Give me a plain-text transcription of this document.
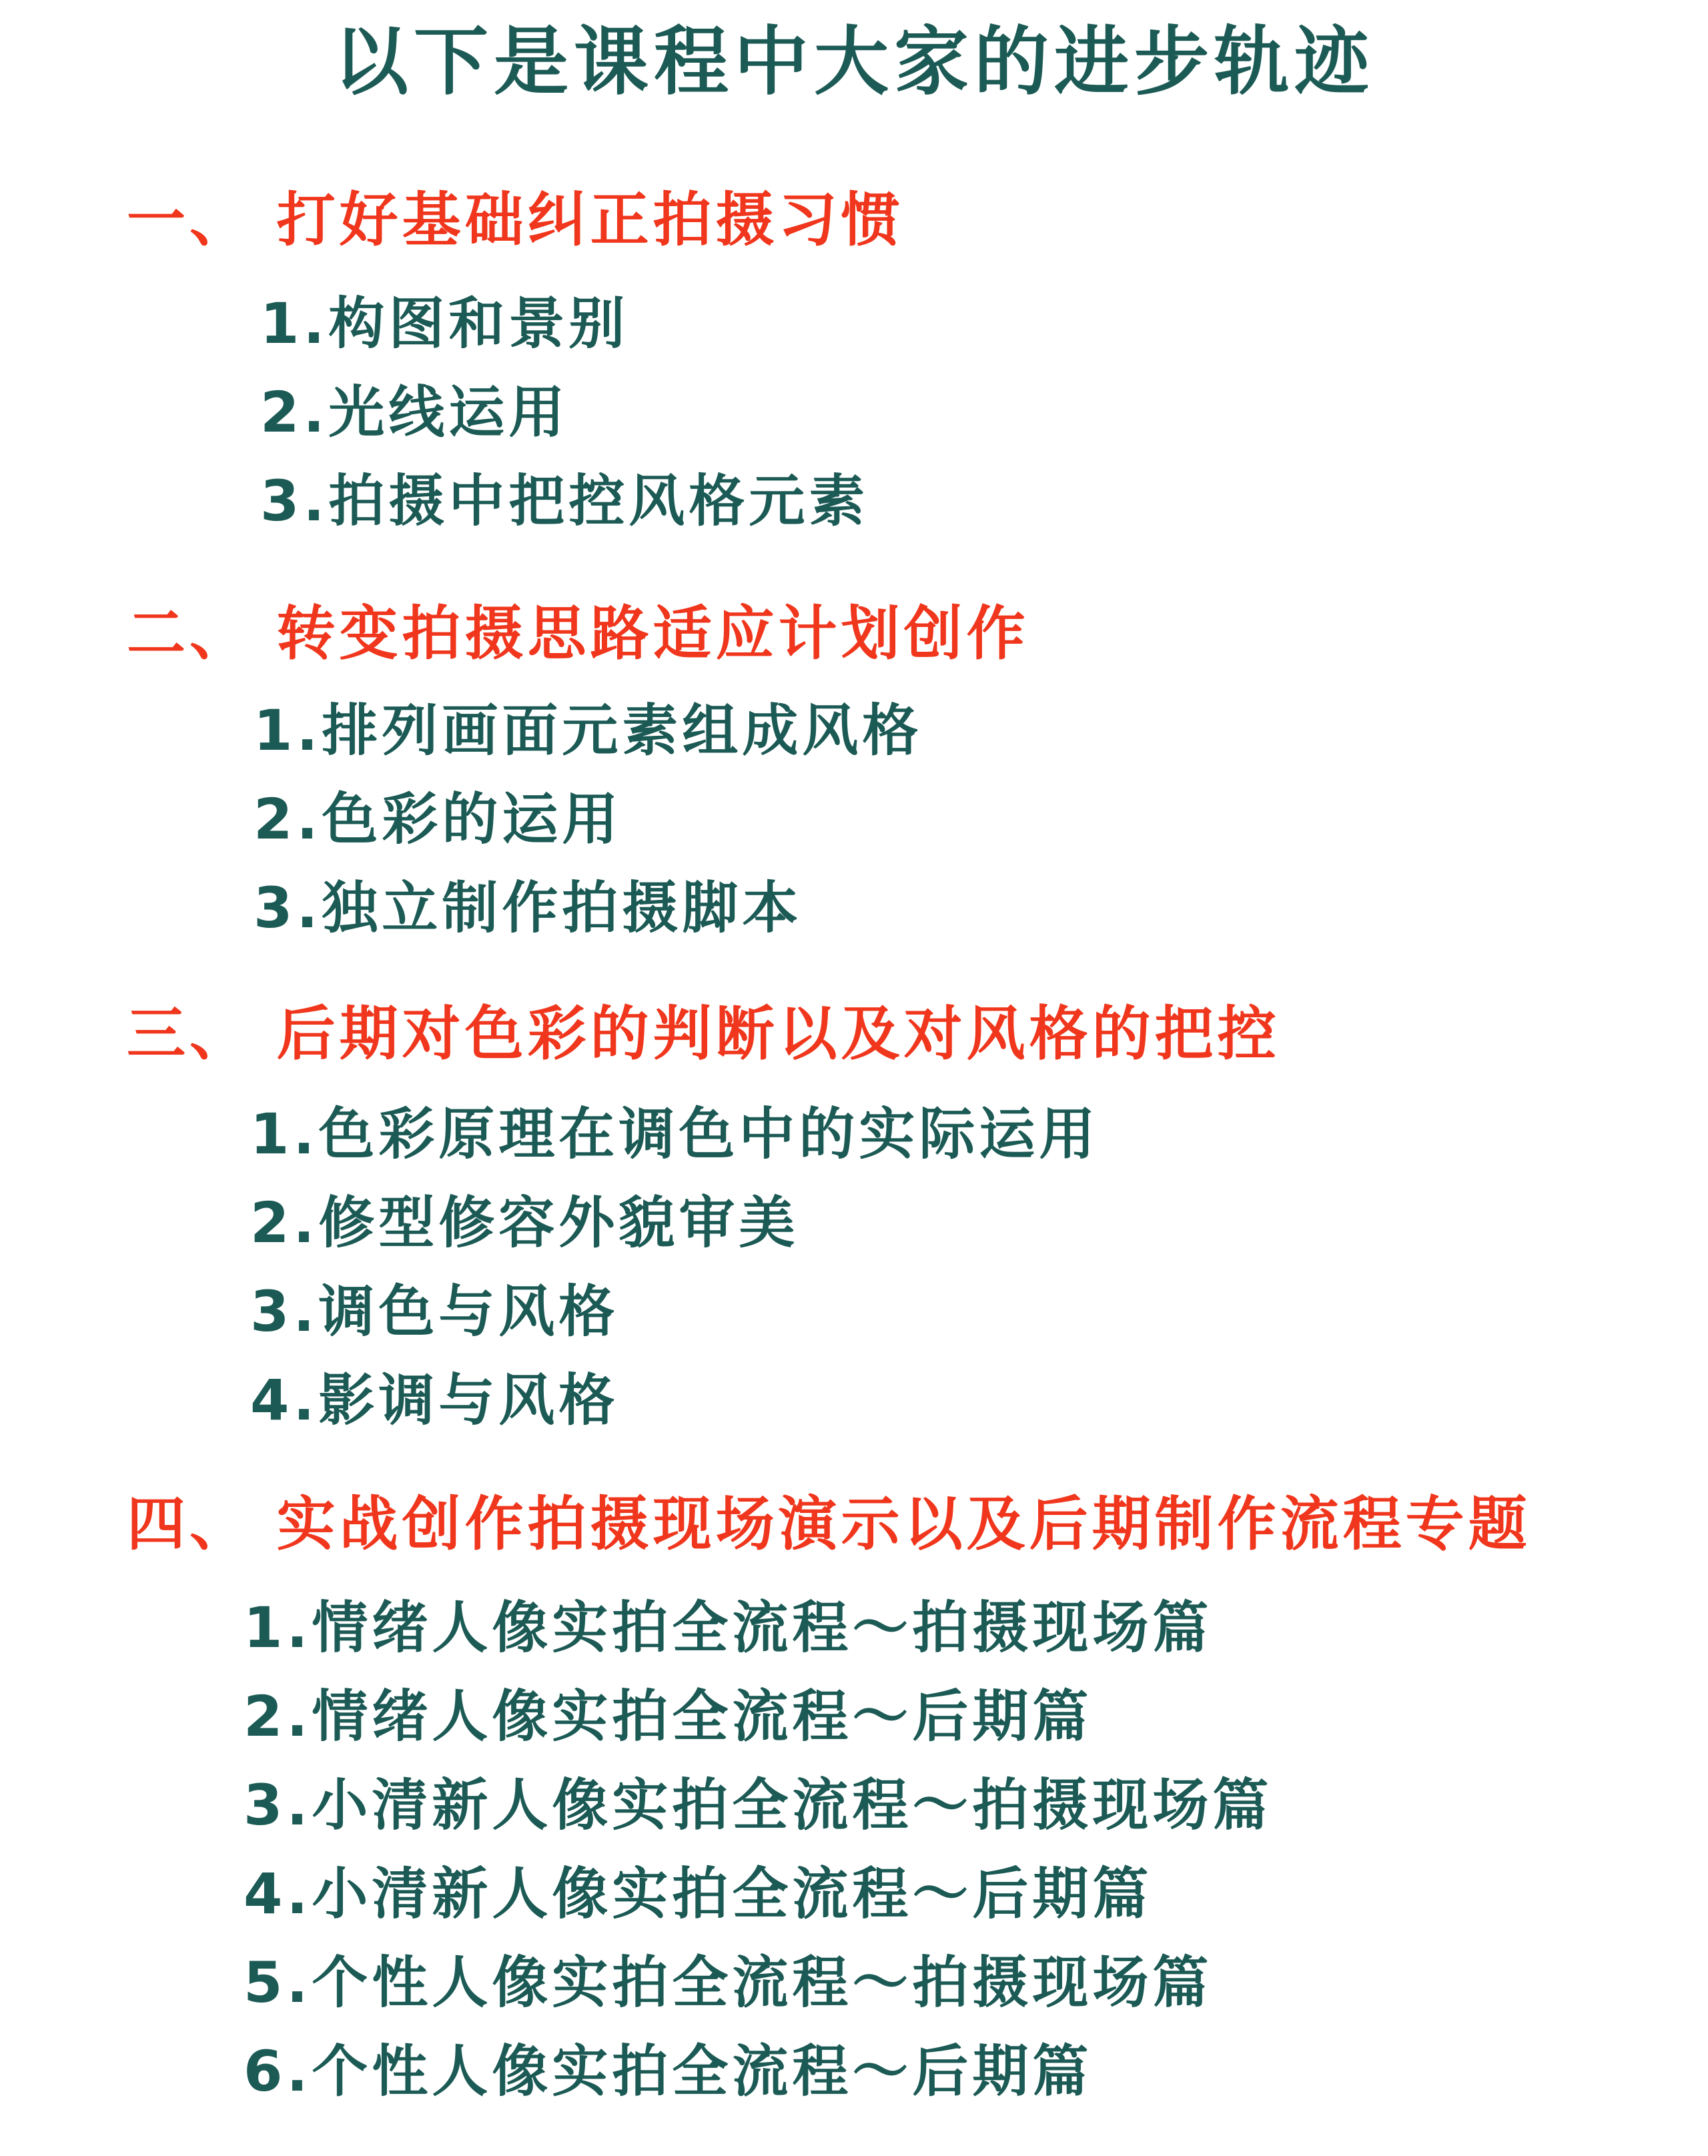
以下是课程中大家的进步轨迹
一、 打好基础纠正拍摄习惯
1.构图和景别
2.光线运用
3.拍摄中把控风格元素
二、 转变拍摄思路适应计划创作
1.排列画面元素组成风格
2.色彩的运用
3.独立制作拍摄脚本
三、 后期对色彩的判断以及对风格的把控
1.色彩原理在调色中的实际运用
2.修型修容外貌审美
3.调色与风格
4.影调与风格
四、 实战创作拍摄现场演示以及后期制作流程专题
1.情绪人像实拍全流程～拍摄现场篇
2.情绪人像实拍全流程～后期篇
3.小清新人像实拍全流程～拍摄现场篇
4.小清新人像实拍全流程～后期篇
5.个性人像实拍全流程～拍摄现场篇
6.个性人像实拍全流程～后期篇
